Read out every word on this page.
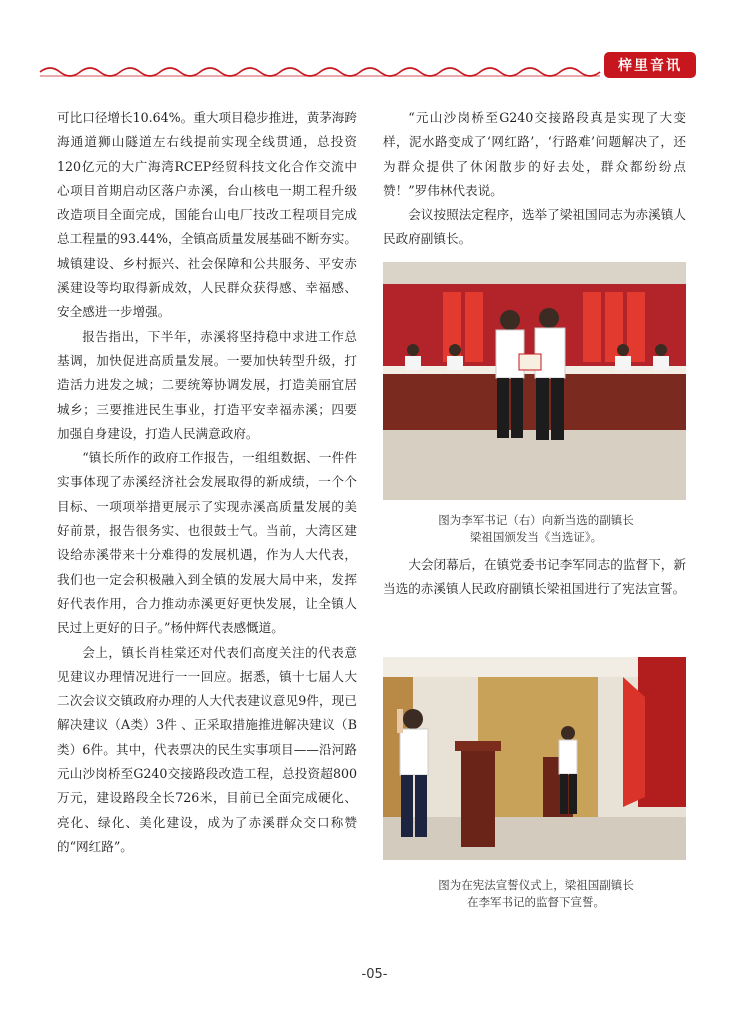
梓里音讯

可比口径增长10.64%。重大项目稳步推进，黄茅海跨海通道狮山隧道左右线提前实现全线贯通，总投资120亿元的大广海湾RCEP经贸科技文化合作交流中心项目首期启动区落户赤溪，台山核电一期工程升级改造项目全面完成，国能台山电厂技改工程项目完成总工程量的93.44%，全镇高质量发展基础不断夯实。城镇建设、乡村振兴、社会保障和公共服务、平安赤溪建设等均取得新成效，人民群众获得感、幸福感、安全感进一步增强。

报告指出，下半年，赤溪将坚持稳中求进工作总基调，加快促进高质量发展。一要加快转型升级，打造活力进发之城；二要统筹协调发展，打造美丽宜居城乡；三要推进民生事业，打造平安幸福赤溪；四要加强自身建设，打造人民满意政府。

“镇长所作的政府工作报告，一组组数据、一件件实事体现了赤溪经济社会发展取得的新成绩，一个个目标、一项项举措更展示了实现赤溪高质量发展的美好前景，报告很务实、也很鼓士气。当前，大湾区建设给赤溪带来十分难得的发展机遇，作为人大代表，我们也一定会积极融入到全镇的发展大局中来，发挥好代表作用，合力推动赤溪更好更快发展，让全镇人民过上更好的日子。”杨仲辉代表感慨道。

会上，镇长肖桂棠还对代表们高度关注的代表意见建议办理情况进行一一回应。据悉，镇十七届人大二次会议交镇政府办理的人大代表建议意见9件，现已解决建议（A类）3件 、正采取措施推进解决建议（B类）6件。其中，代表票决的民生实事项目——沿河路元山沙岗桥至G240交接路段改造工程，总投资超800万元，建设路段全长726米，目前已全面完成硬化、亮化、绿化、美化建设，成为了赤溪群众交口称赞的“网红路”。

“元山沙岗桥至G240交接路段真是实现了大变样，泥水路变成了‘网红路’，‘行路难’问题解决了，还为群众提供了休闲散步的好去处，群众都纷纷点赞！”罗伟林代表说。

会议按照法定程序，选举了梁祖国同志为赤溪镇人民政府副镇长。

图为李军书记（右）向新当选的副镇长
梁祖国颁发当《当选证》。

大会闭幕后，在镇党委书记李军同志的监督下，新当选的赤溪镇人民政府副镇长梁祖国进行了宪法宣誓。

图为在宪法宣誓仪式上，梁祖国副镇长
在李军书记的监督下宣誓。
-05-
